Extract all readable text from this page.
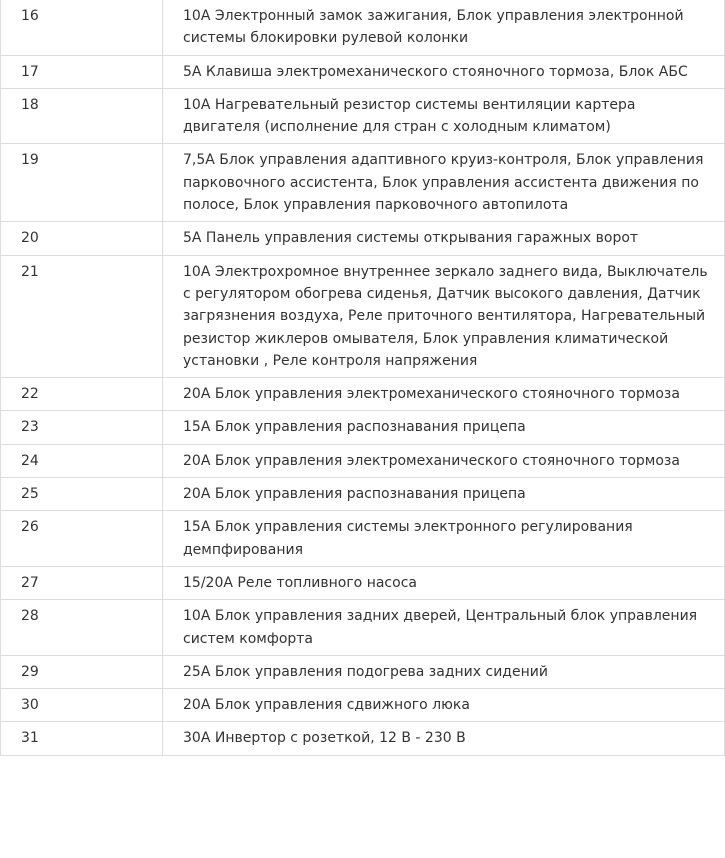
16	10A Электронный замок зажигания, Блок управления электронной системы блокировки рулевой колонки
17	5A Клавиша электромеханического стояночного тормоза, Блок АБС
18	10A Нагревательный резистор системы вентиляции картера двигателя (исполнение для стран с холодным климатом)
19	7,5A Блок управления адаптивного круиз-контроля, Блок управления парковочного ассистента, Блок управления ассистента движения по полосе, Блок управления парковочного автопилота
20	5A Панель управления системы открывания гаражных ворот
21	10A Электрохромное внутреннее зеркало заднего вида, Выключатель с регулятором обогрева сиденья, Датчик высокого давления, Датчик загрязнения воздуха, Реле приточного вентилятора, Нагревательный резистор жиклеров омывателя, Блок управления климатической установки , Реле контроля напряжения
22	20A Блок управления электромеханического стояночного тормоза
23	15A Блок управления распознавания прицепа
24	20A Блок управления электромеханического стояночного тормоза
25	20A Блок управления распознавания прицепа
26	15A Блок управления системы электронного регулирования демпфирования
27	15/20A Реле топливного насоса
28	10A Блок управления задних дверей, Центральный блок управления систем комфорта
29	25A Блок управления подогрева задних сидений
30	20A Блок управления сдвижного люка
31	30A Инвертор с розеткой, 12 В - 230 В
